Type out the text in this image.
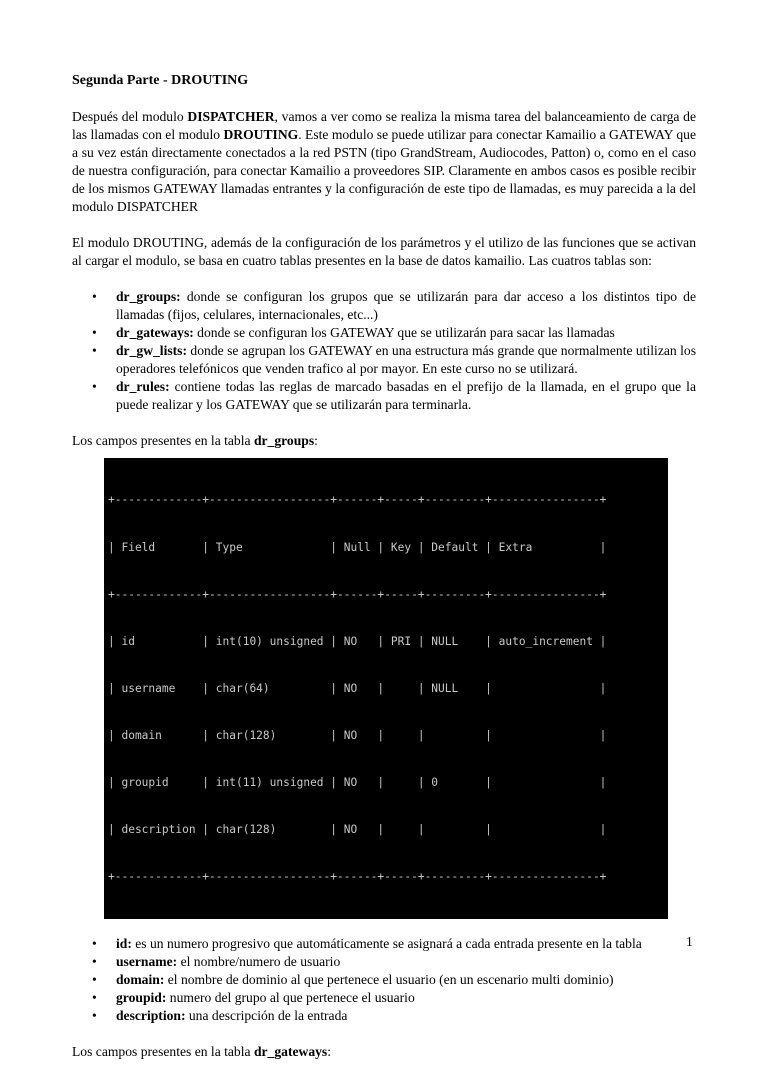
Segunda Parte - DROUTING

Después del modulo DISPATCHER, vamos a ver como se realiza la misma tarea del balanceamiento de carga de las llamadas con el modulo DROUTING. Este modulo se puede utilizar para conectar Kamailio a GATEWAY que a su vez están directamente conectados a la red PSTN (tipo GrandStream, Audiocodes, Patton) o, como en el caso de nuestra configuración, para conectar Kamailio a proveedores SIP. Claramente en ambos casos es posible recibir de los mismos GATEWAY llamadas entrantes y la configuración de este tipo de llamadas, es muy parecida a la del modulo DISPATCHER

El modulo DROUTING, además de la configuración de los parámetros y el utilizo de las funciones que se activan al cargar el modulo, se basa en cuatro tablas presentes en la base de datos kamailio. Las cuatros tablas son:

• dr_groups: donde se configuran los grupos que se utilizarán para dar acceso a los distintos tipo de llamadas (fijos, celulares, internacionales, etc...)
• dr_gateways: donde se configuran los GATEWAY que se utilizarán para sacar las llamadas
• dr_gw_lists: donde se agrupan los GATEWAY en una estructura más grande que normalmente utilizan los operadores telefónicos que venden trafico al por mayor. En este curso no se utilizará.
• dr_rules: contiene todas las reglas de marcado basadas en el prefijo de la llamada, en el grupo que la puede realizar y los GATEWAY que se utilizarán para terminarla.

Los campos presentes en la tabla dr_groups:

+-------------+------------------+------+-----+---------+----------------+

| Field       | Type             | Null | Key | Default | Extra          |

+-------------+------------------+------+-----+---------+----------------+

| id          | int(10) unsigned | NO   | PRI | NULL    | auto_increment |

| username    | char(64)         | NO   |     | NULL    |                |

| domain      | char(128)        | NO   |     |         |                |

| groupid     | int(11) unsigned | NO   |     | 0       |                |

| description | char(128)        | NO   |     |         |                |

+-------------+------------------+------+-----+---------+----------------+

• id: es un numero progresivo que automáticamente se asignará a cada entrada presente en la tabla
• username: el nombre/numero de usuario
• domain: el nombre de dominio al que pertenece el usuario (en un escenario multi dominio)
• groupid: numero del grupo al que pertenece el usuario
• description: una descripción de la entrada

Los campos presentes en la tabla dr_gateways:

1
